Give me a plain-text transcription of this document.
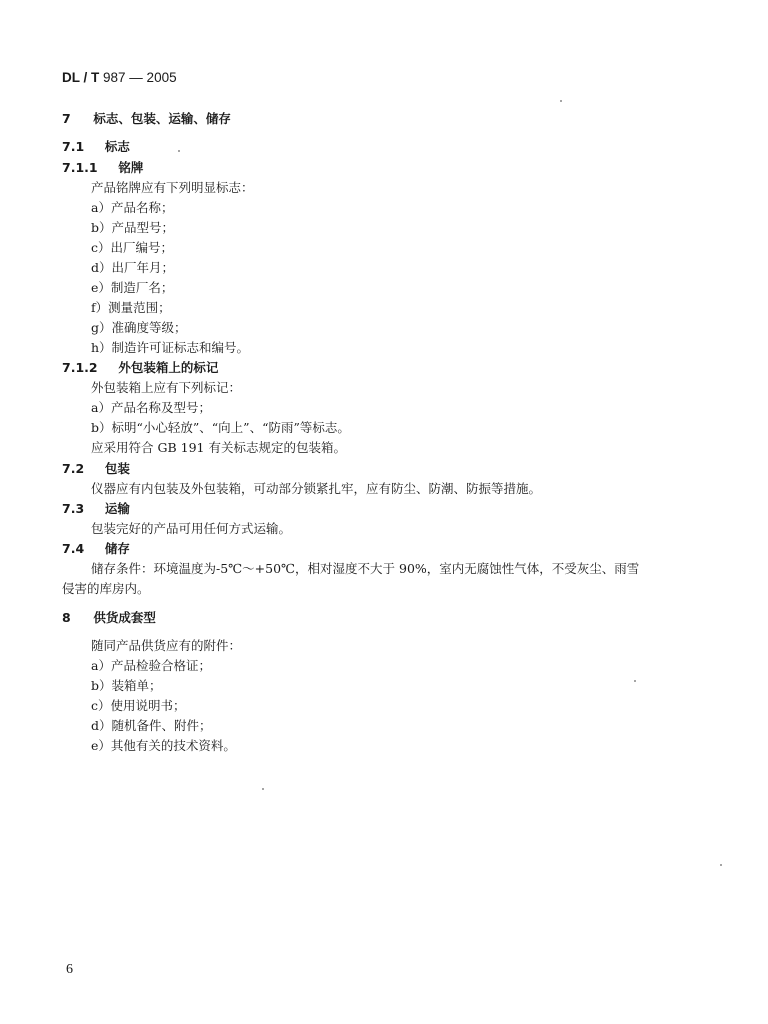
DL / T 987 — 2005
7 标志、包装、运输、储存
7.1 标志
7.1.1 铭牌
产品铭牌应有下列明显标志：
a）产品名称；
b）产品型号；
c）出厂编号；
d）出厂年月；
e）制造厂名；
f）测量范围；
g）准确度等级；
h）制造许可证标志和编号。
7.1.2 外包装箱上的标记
外包装箱上应有下列标记：
a）产品名称及型号；
b）标明“小心轻放”、“向上”、“防雨”等标志。
应采用符合 GB 191 有关标志规定的包装箱。
7.2 包装
仪器应有内包装及外包装箱，可动部分锁紧扎牢，应有防尘、防潮、防振等措施。
7.3 运输
包装完好的产品可用任何方式运输。
7.4 储存
储存条件：环境温度为-5℃～+50℃，相对湿度不大于 90%，室内无腐蚀性气体，不受灰尘、雨雪
侵害的库房内。
8 供货成套型
随同产品供货应有的附件：
a）产品检验合格证；
b）装箱单；
c）使用说明书；
d）随机备件、附件；
e）其他有关的技术资料。
6
